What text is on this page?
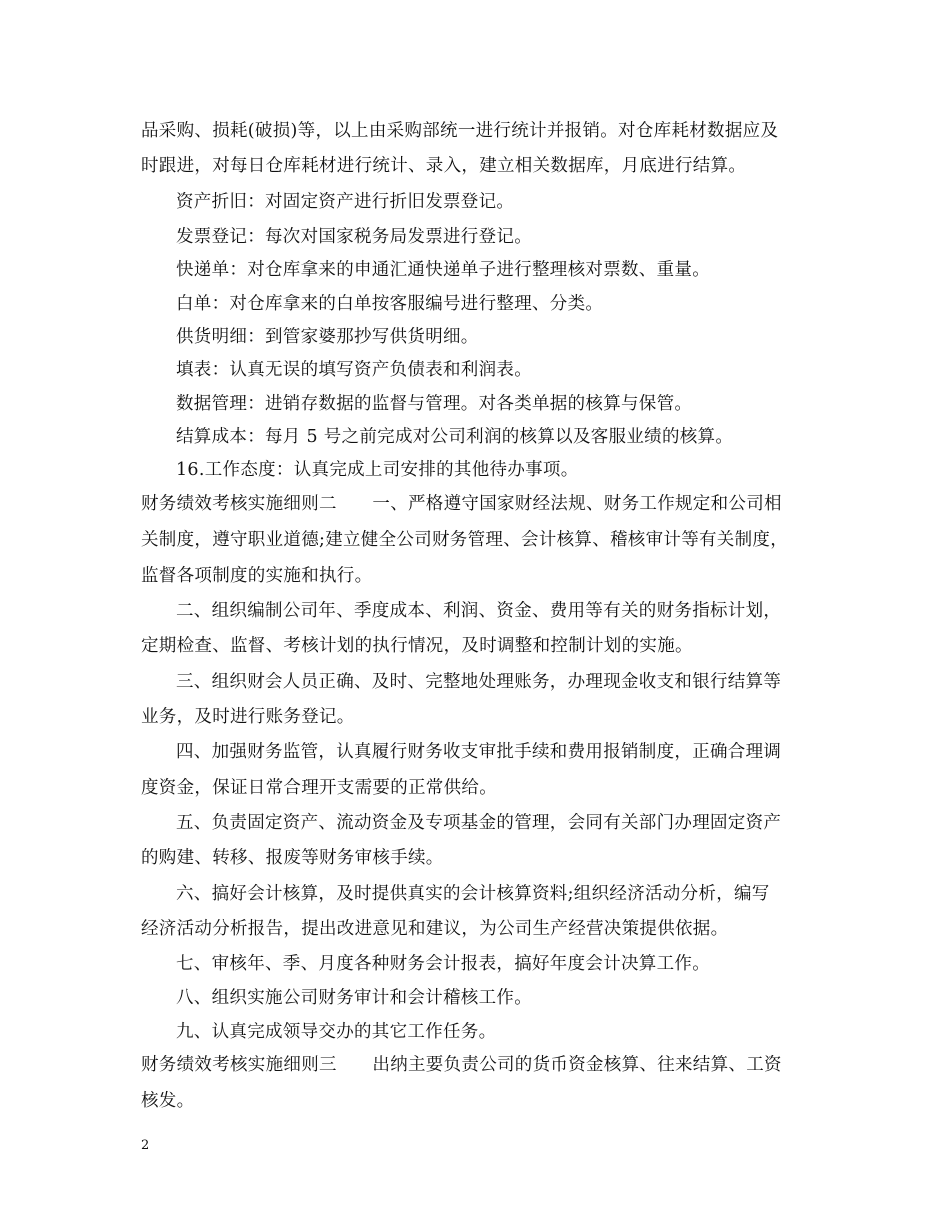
品采购、损耗(破损)等，以上由采购部统一进行统计并报销。对仓库耗材数据应及
时跟进，对每日仓库耗材进行统计、录入，建立相关数据库，月底进行结算。
资产折旧：对固定资产进行折旧发票登记。
发票登记：每次对国家税务局发票进行登记。
快递单：对仓库拿来的申通汇通快递单子进行整理核对票数、重量。
白单：对仓库拿来的白单按客服编号进行整理、分类。
供货明细：到管家婆那抄写供货明细。
填表：认真无误的填写资产负债表和利润表。
数据管理：进销存数据的监督与管理。对各类单据的核算与保管。
结算成本：每月 5 号之前完成对公司利润的核算以及客服业绩的核算。
16.工作态度：认真完成上司安排的其他待办事项。
财务绩效考核实施细则二　　一、严格遵守国家财经法规、财务工作规定和公司相
关制度，遵守职业道德;建立健全公司财务管理、会计核算、稽核审计等有关制度，
监督各项制度的实施和执行。
二、组织编制公司年、季度成本、利润、资金、费用等有关的财务指标计划，
定期检查、监督、考核计划的执行情况，及时调整和控制计划的实施。
三、组织财会人员正确、及时、完整地处理账务，办理现金收支和银行结算等
业务，及时进行账务登记。
四、加强财务监管，认真履行财务收支审批手续和费用报销制度，正确合理调
度资金，保证日常合理开支需要的正常供给。
五、负责固定资产、流动资金及专项基金的管理，会同有关部门办理固定资产
的购建、转移、报废等财务审核手续。
六、搞好会计核算，及时提供真实的会计核算资料;组织经济活动分析，编写
经济活动分析报告，提出改进意见和建议，为公司生产经营决策提供依据。
七、审核年、季、月度各种财务会计报表，搞好年度会计决算工作。
八、组织实施公司财务审计和会计稽核工作。
九、认真完成领导交办的其它工作任务。
财务绩效考核实施细则三　　出纳主要负责公司的货币资金核算、往来结算、工资
核发。
2
